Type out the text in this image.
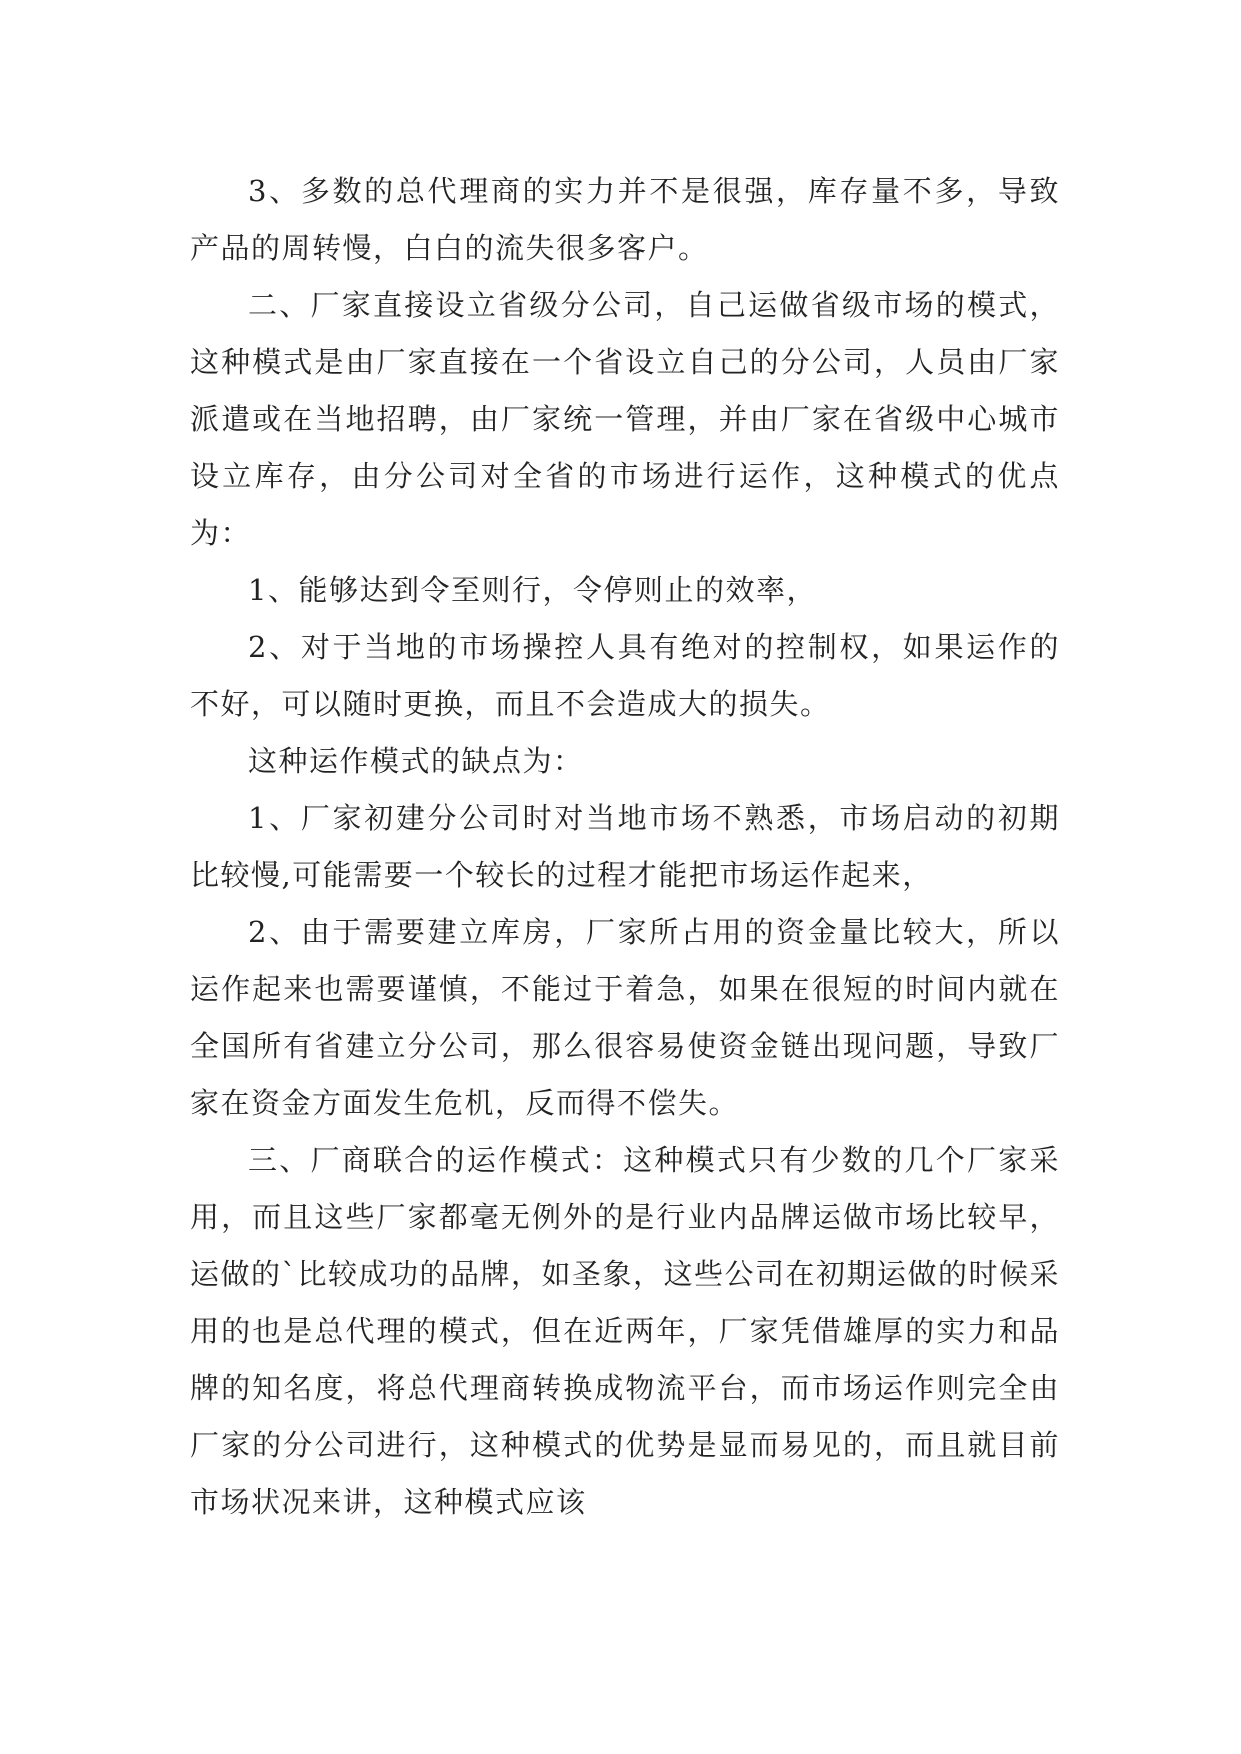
3、多数的总代理商的实力并不是很强，库存量不多，导致产品的周转慢，白白的流失很多客户。

二、厂家直接设立省级分公司，自己运做省级市场的模式，这种模式是由厂家直接在一个省设立自己的分公司，人员由厂家派遣或在当地招聘，由厂家统一管理，并由厂家在省级中心城市设立库存，由分公司对全省的市场进行运作，这种模式的优点为：

1、能够达到令至则行，令停则止的效率，

2、对于当地的市场操控人具有绝对的控制权，如果运作的不好，可以随时更换，而且不会造成大的损失。

这种运作模式的缺点为：

1、厂家初建分公司时对当地市场不熟悉，市场启动的初期比较慢,可能需要一个较长的过程才能把市场运作起来，

2、由于需要建立库房，厂家所占用的资金量比较大，所以运作起来也需要谨慎，不能过于着急，如果在很短的时间内就在全国所有省建立分公司，那么很容易使资金链出现问题，导致厂家在资金方面发生危机，反而得不偿失。

三、厂商联合的运作模式：这种模式只有少数的几个厂家采用，而且这些厂家都毫无例外的是行业内品牌运做市场比较早，运做的`比较成功的品牌，如圣象，这些公司在初期运做的时候采用的也是总代理的模式，但在近两年，厂家凭借雄厚的实力和品牌的知名度，将总代理商转换成物流平台，而市场运作则完全由厂家的分公司进行，这种模式的优势是显而易见的，而且就目前市场状况来讲，这种模式应该
